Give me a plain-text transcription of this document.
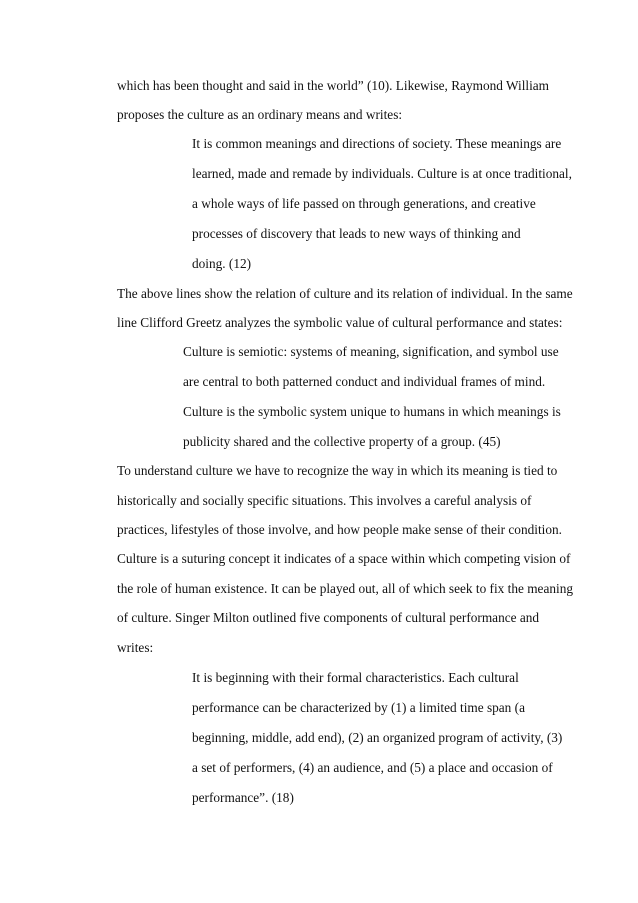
which has been thought and said in the world” (10). Likewise, Raymond William

proposes the culture as an ordinary means and writes:

It is common meanings and directions of society. These meanings are

learned, made and remade by individuals. Culture is at once traditional,

a whole ways of life passed on through generations, and creative

processes of discovery that leads to new ways of thinking and

doing. (12)

The above lines show the relation of culture and its relation of individual. In the same

line Clifford Greetz analyzes the symbolic value of cultural performance and states:

Culture is semiotic: systems of meaning, signification, and symbol use

are central to both patterned conduct and individual frames of mind.

Culture is the symbolic system unique to humans in which meanings is

publicity shared and the collective property of a group. (45)

To understand culture we have to recognize the way in which its meaning is tied to

historically and socially specific situations. This involves a careful analysis of

practices, lifestyles of those involve, and how people make sense of their condition.

Culture is a suturing concept it indicates of a space within which competing vision of

the role of human existence. It can be played out, all of which seek to fix the meaning

of culture. Singer Milton outlined five components of cultural performance and

writes:

It is beginning with their formal characteristics. Each cultural

performance can be characterized by (1) a limited time span (a

beginning, middle, add end), (2) an organized program of activity, (3)

a set of performers, (4) an audience, and (5) a place and occasion of

performance”. (18)
